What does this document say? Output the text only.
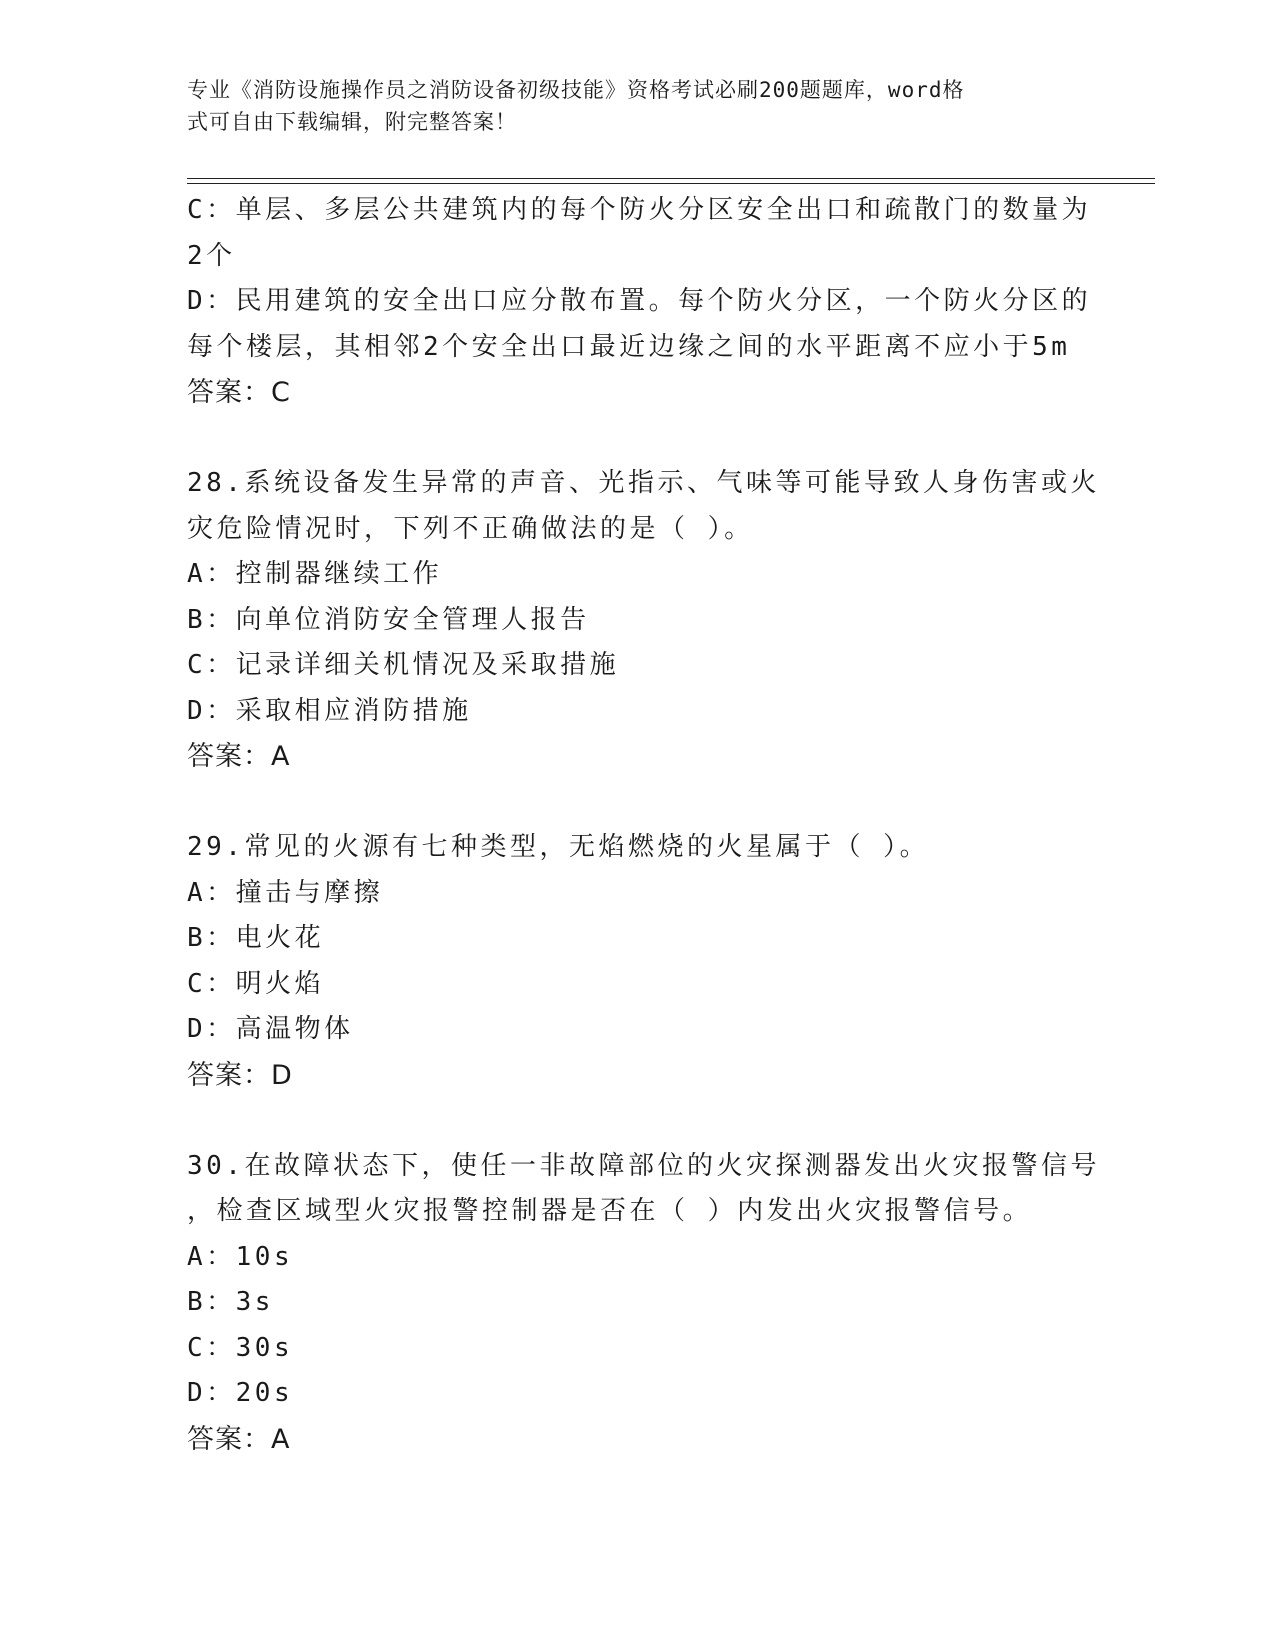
专业《消防设施操作员之消防设备初级技能》资格考试必刷200题题库，word格
式可自由下载编辑，附完整答案！
C：单层、多层公共建筑内的每个防火分区安全出口和疏散门的数量为
2个
D：民用建筑的安全出口应分散布置。每个防火分区，一个防火分区的
每个楼层，其相邻2个安全出口最近边缘之间的水平距离不应小于5m
答案：C
28.系统设备发生异常的声音、光指示、气味等可能导致人身伤害或火
灾危险情况时，下列不正确做法的是（ ）。
A：控制器继续工作
B：向单位消防安全管理人报告
C：记录详细关机情况及采取措施
D：采取相应消防措施
答案：A
29.常见的火源有七种类型，无焰燃烧的火星属于（ ）。
A：撞击与摩擦
B：电火花
C：明火焰
D：高温物体
答案：D
30.在故障状态下，使任一非故障部位的火灾探测器发出火灾报警信号
，检查区域型火灾报警控制器是否在（ ）内发出火灾报警信号。
A：10s
B：3s
C：30s
D：20s
答案：A
